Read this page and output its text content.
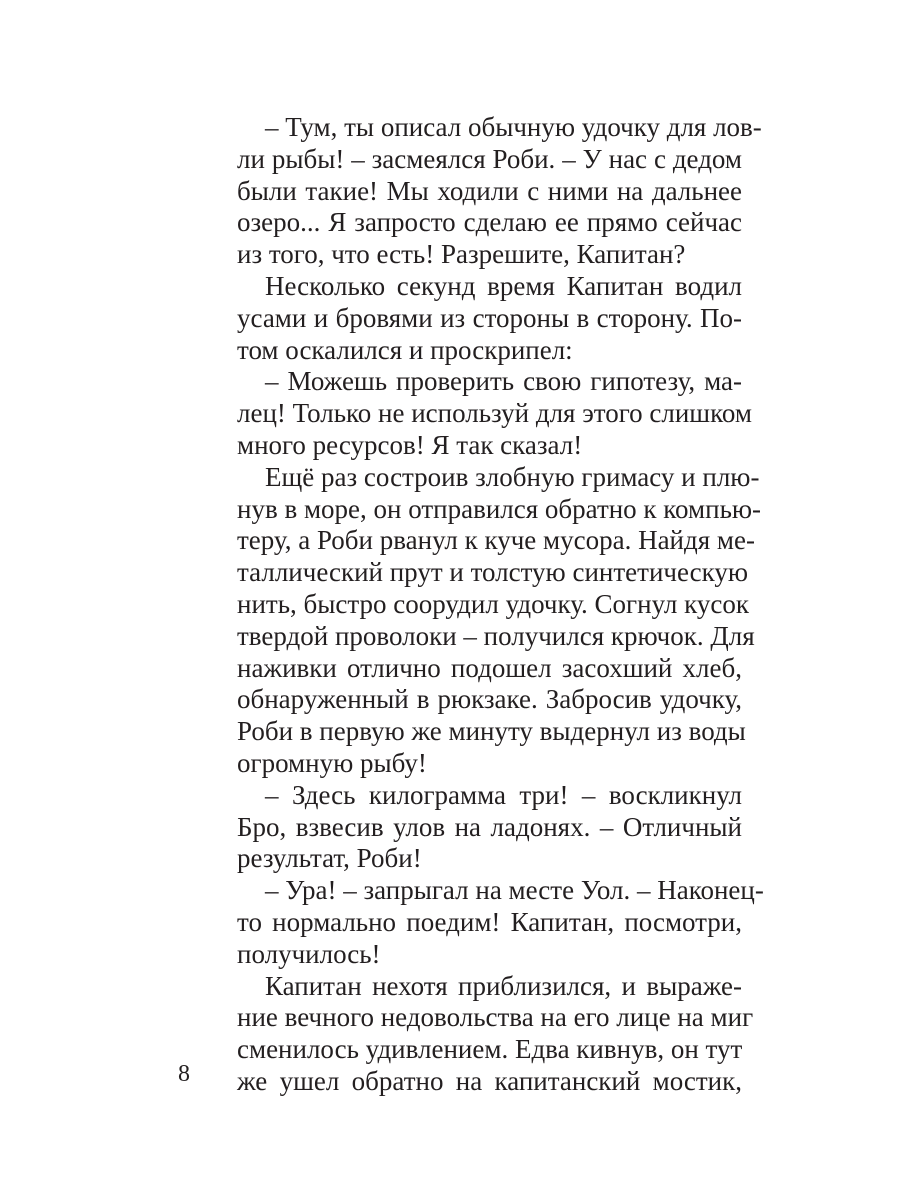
– Тум, ты описал обычную удочку для лов-
ли рыбы! – засмеялся Роби. – У нас с дедом
были такие! Мы ходили с ними на дальнее
озеро... Я запросто сделаю ее прямо сейчас
из того, что есть! Разрешите, Капитан?

Несколько секунд время Капитан водил
усами и бровями из стороны в сторону. По-
том оскалился и проскрипел:

– Можешь проверить свою гипотезу, ма-
лец! Только не используй для этого слишком
много ресурсов! Я так сказал!

Ещё раз состроив злобную гримасу и плю-
нув в море, он отправился обратно к компью-
теру, а Роби рванул к куче мусора. Найдя ме-
таллический прут и толстую синтетическую
нить, быстро соорудил удочку. Согнул кусок
твердой проволоки – получился крючок. Для
наживки отлично подошел засохший хлеб,
обнаруженный в рюкзаке. Забросив удочку,
Роби в первую же минуту выдернул из воды
огромную рыбу!

– Здесь килограмма три! – воскликнул
Бро, взвесив улов на ладонях. – Отличный
результат, Роби!

– Ура! – запрыгал на месте Уол. – Наконец-
то нормально поедим! Капитан, посмотри,
получилось!

Капитан нехотя приблизился, и выраже-
ние вечного недовольства на его лице на миг
сменилось удивлением. Едва кивнув, он тут
же ушел обратно на капитанский мостик,

8
